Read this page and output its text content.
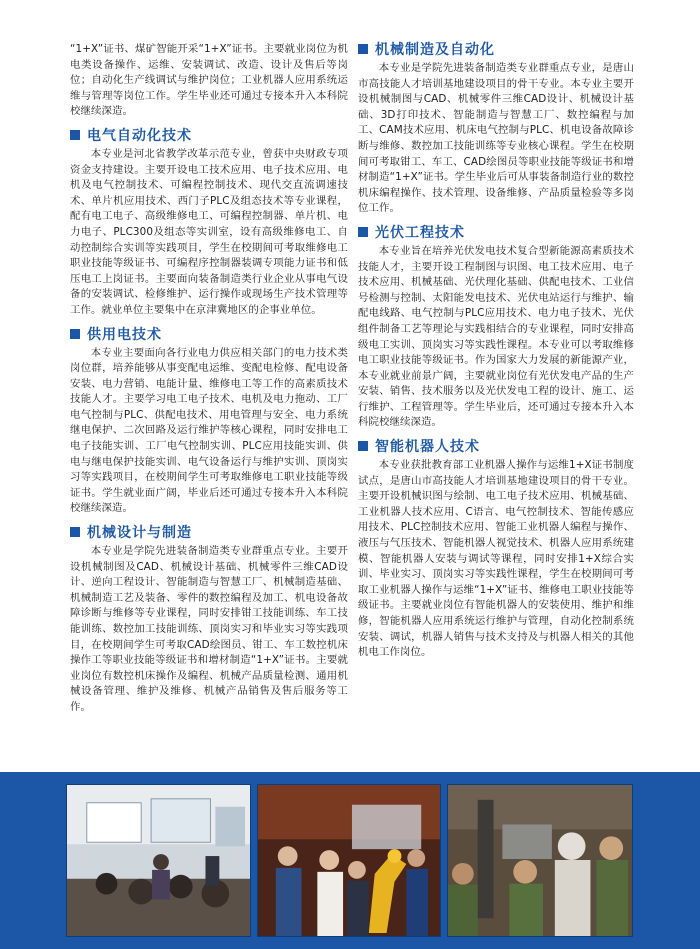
“1+X”证书、煤矿智能开采“1+X”证书。主要就业岗位为机电类设备操作、运维、安装调试、改造、设计及售后等岗位；自动化生产线调试与维护岗位；工业机器人应用系统运维与管理等岗位工作。学生毕业还可通过专接本升入本科院校继续深造。

电气自动化技术

本专业是河北省教学改革示范专业，曾获中央财政专项资金支持建设。主要开设电工技术应用、电子技术应用、电机及电气控制技术、可编程控制技术、现代交直流调速技术、单片机应用技术、西门子PLC及组态技术等专业课程，配有电工电子、高级维修电工、可编程控制器、单片机、电力电子、PLC300及组态等实训室，设有高级维修电工、自动控制综合实训等实践项目，学生在校期间可考取维修电工职业技能等级证书、可编程序控制器装调专项能力证书和低压电工上岗证书。主要面向装备制造类行业企业从事电气设备的安装调试、检修维护、运行操作或现场生产技术管理等工作。就业单位主要集中在京津冀地区的企事业单位。

供用电技术

本专业主要面向各行业电力供应相关部门的电力技术类岗位群，培养能够从事变配电运维、变配电检修、配电设备安装、电力营销、电能计量、维修电工等工作的高素质技术技能人才。主要学习电工电子技术、电机及电力拖动、工厂电气控制与PLC、供配电技术、用电管理与安全、电力系统继电保护、二次回路及运行维护等核心课程，同时安排电工电子技能实训、工厂电气控制实训、PLC应用技能实训、供电与继电保护技能实训、电气设备运行与维护实训、顶岗实习等实践项目，在校期间学生可考取维修电工职业技能等级证书。学生就业面广阔，毕业后还可通过专接本升入本科院校继续深造。

机械设计与制造

本专业是学院先进装备制造类专业群重点专业。主要开设机械制图及CAD、机械设计基础、机械零件三维CAD设计、逆向工程设计、智能制造与智慧工厂、机械制造基础、机械制造工艺及装备、零件的数控编程及加工、机电设备故障诊断与维修等专业课程，同时安排钳工技能训练、车工技能训练、数控加工技能训练、顶岗实习和毕业实习等实践项目，在校期间学生可考取CAD绘图员、钳工、车工数控机床操作工等职业技能等级证书和增材制造“1+X”证书。主要就业岗位有数控机床操作及编程、机械产品质量检测、通用机械设备管理、维护及维修、机械产品销售及售后服务等工作。

机械制造及自动化

本专业是学院先进装备制造类专业群重点专业，是唐山市高技能人才培训基地建设项目的骨干专业。本专业主要开设机械制图与CAD、机械零件三维CAD设计、机械设计基础、3D打印技术、智能制造与智慧工厂、数控编程与加工、CAM技术应用、机床电气控制与PLC、机电设备故障诊断与维修、数控加工技能训练等专业核心课程。学生在校期间可考取钳工、车工、CAD绘图员等职业技能等级证书和增材制造“1+X”证书。学生毕业后可从事装备制造行业的数控机床编程操作、技术管理、设备维修、产品质量检验等多岗位工作。

光伏工程技术

本专业旨在培养光伏发电技术复合型新能源高素质技术技能人才，主要开设工程制图与识图、电工技术应用、电子技术应用、机械基础、光伏理化基础、供配电技术、工业信号检测与控制、太阳能发电技术、光伏电站运行与维护、输配电线路、电气控制与PLC应用技术、电力电子技术、光伏组件制备工艺等理论与实践相结合的专业课程，同时安排高级电工实训、顶岗实习等实践性课程。本专业可以考取维修电工职业技能等级证书。作为国家大力发展的新能源产业，本专业就业前景广阔，主要就业岗位有光伏发电产品的生产安装、销售、技术服务以及光伏发电工程的设计、施工、运行维护、工程管理等。学生毕业后，还可通过专接本升入本科院校继续深造。

智能机器人技术

本专业获批教育部工业机器人操作与运维1+X证书制度试点，是唐山市高技能人才培训基地建设项目的骨干专业。主要开设机械识图与绘制、电工电子技术应用、机械基础、工业机器人技术应用、C语言、电气控制技术、智能传感应用技术、PLC控制技术应用、智能工业机器人编程与操作、液压与气压技术、智能机器人视觉技术、机器人应用系统建模、智能机器人安装与调试等课程，同时安排1+X综合实训、毕业实习、顶岗实习等实践性课程，学生在校期间可考取工业机器人操作与运维“1+X”证书、维修电工职业技能等级证书。主要就业岗位有智能机器人的安装使用、维护和维修，智能机器人应用系统运行维护与管理，自动化控制系统安装、调试，机器人销售与技术支持及与机器人相关的其他机电工作岗位。
